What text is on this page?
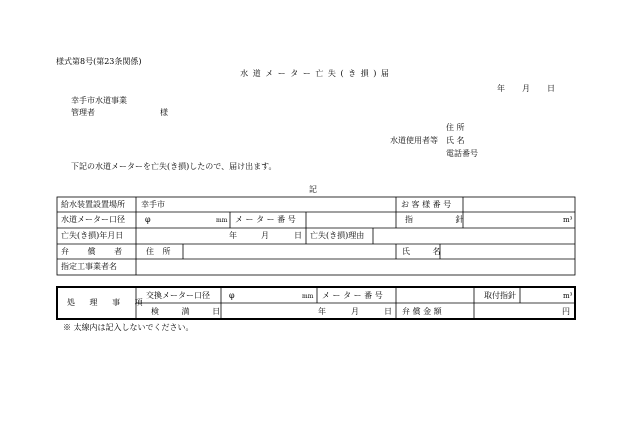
様式第8号(第23条関係)
水 道 メ ー タ ー 亡 失 ( き 損 ) 届
年 月 日
幸手市水道事業
管理者	様
住 所
水道使用者等 氏 名
電話番号
下記の水道メーターを亡失(き損)したので、届け出ます。
記
給水装置設置場所 幸手市	お 客 様 番 号
水道メーター口径	φ	mm メ ー タ ー 番 号	指 針	m³
亡失(き損)年月日	年	月	日 亡失(き損)理由
弁 償 者 住 所	氏 名
指定工事業者名
処 理 事 項
交換メーター口径 φ	mm メ ー タ ー 番 号	取付指針	m³
検 満 日	年	月	日 弁 償 金 額	円
※ 太線内は記入しないでください。
